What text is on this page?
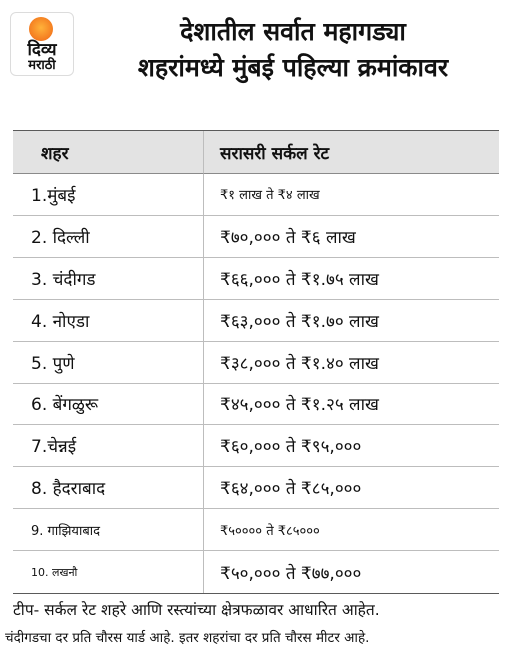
दिव्य
मराठी
देशातील सर्वात महागड्या
शहरांमध्ये मुंबई पहिल्या क्रमांकावर
शहर	सरासरी सर्कल रेट
1.मुंबई	₹१ लाख ते ₹४ लाख
2. दिल्ली	₹७०,००० ते ₹६ लाख
3. चंदीगड	₹६६,००० ते ₹१.७५ लाख
4. नोएडा	₹६३,००० ते ₹१.७० लाख
5. पुणे	₹३८,००० ते ₹१.४० लाख
6. बेंगळुरू	₹४५,००० ते ₹१.२५ लाख
7.चेन्नई	₹६०,००० ते ₹९५,०००
8. हैदराबाद	₹६४,००० ते ₹८५,०००
9. गाझियाबाद	₹५०००० ते ₹८५०००
10. लखनौ	₹५०,००० ते ₹७७,०००
टीप- सर्कल रेट शहरे आणि रस्त्यांच्या क्षेत्रफळावर आधारित आहेत.
चंदीगडचा दर प्रति चौरस यार्ड आहे. इतर शहरांचा दर प्रति चौरस मीटर आहे.
